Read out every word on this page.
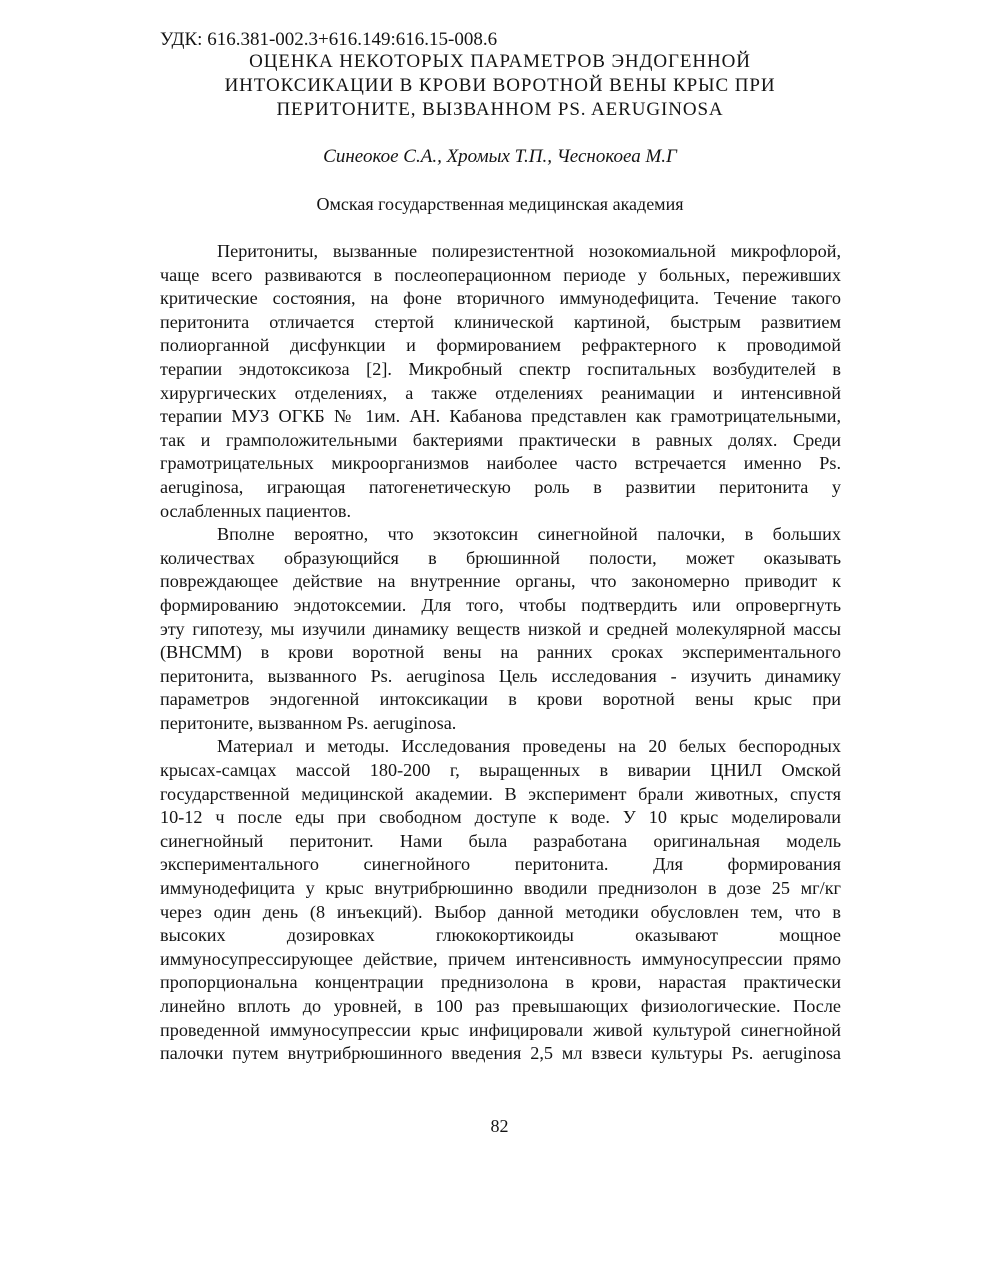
УДК: 616.381-002.3+616.149:616.15-008.6
ОЦЕНКА НЕКОТОРЫХ ПАРАМЕТРОВ ЭНДОГЕННОЙ
ИНТОКСИКАЦИИ В КРОВИ ВОРОТНОЙ ВЕНЫ КРЫС ПРИ
ПЕРИТОНИТЕ, ВЫЗВАННОМ PS. AERUGINOSA
Синеокое С.А., Хромых Т.П., Чеснокоеа М.Г
Омская государственная медицинская академия

Перитониты, вызванные полирезистентной нозокомиальной микрофлорой,
чаще всего развиваются в послеоперационном периоде у больных, переживших
критические состояния, на фоне вторичного иммунодефицита. Течение такого
перитонита отличается стертой клинической картиной, быстрым развитием
полиорганной дисфункции и формированием рефрактерного к проводимой
терапии эндотоксикоза [2]. Микробный спектр госпитальных возбудителей в
хирургических отделениях, а также отделениях реанимации и интенсивной
терапии МУЗ ОГКБ № 1им. АН. Кабанова представлен как грамотрицательными,
так и грамположительными бактериями практически в равных долях. Среди
грамотрицательных микроорганизмов наиболее часто встречается именно Ps.
aeruginosa, играющая патогенетическую роль в развитии перитонита у
ослабленных пациентов.

Вполне вероятно, что экзотоксин синегнойной палочки, в больших
количествах образующийся в брюшинной полости, может оказывать
повреждающее действие на внутренние органы, что закономерно приводит к
формированию эндотоксемии. Для того, чтобы подтвердить или опровергнуть
эту гипотезу, мы изучили динамику веществ низкой и средней молекулярной массы
(ВНСММ) в крови воротной вены на ранних сроках экспериментального
перитонита, вызванного Ps. aeruginosa Цель исследования - изучить динамику
параметров эндогенной интоксикации в крови воротной вены крыс при
перитоните, вызванном Ps. aeruginosa.

Материал и методы. Исследования проведены на 20 белых беспородных
крысах-самцах массой 180-200 г, выращенных в виварии ЦНИЛ Омской
государственной медицинской академии. В эксперимент брали животных, спустя
10-12 ч после еды при свободном доступе к воде. У 10 крыс моделировали
синегнойный перитонит. Нами была разработана оригинальная модель
экспериментального синегнойного перитонита. Для формирования
иммунодефицита у крыс внутрибрюшинно вводили преднизолон в дозе 25 мг/кг
через один день (8 инъекций). Выбор данной методики обусловлен тем, что в
высоких дозировках глюкокортикоиды оказывают мощное
иммуносупрессирующее действие, причем интенсивность иммуносупрессии прямо
пропорциональна концентрации преднизолона в крови, нарастая практически
линейно вплоть до уровней, в 100 раз превышающих физиологические. После
проведенной иммуносупрессии крыс инфицировали живой культурой синегнойной
палочки путем внутрибрюшинного введения 2,5 мл взвеси культуры Ps. aeruginosa

82
